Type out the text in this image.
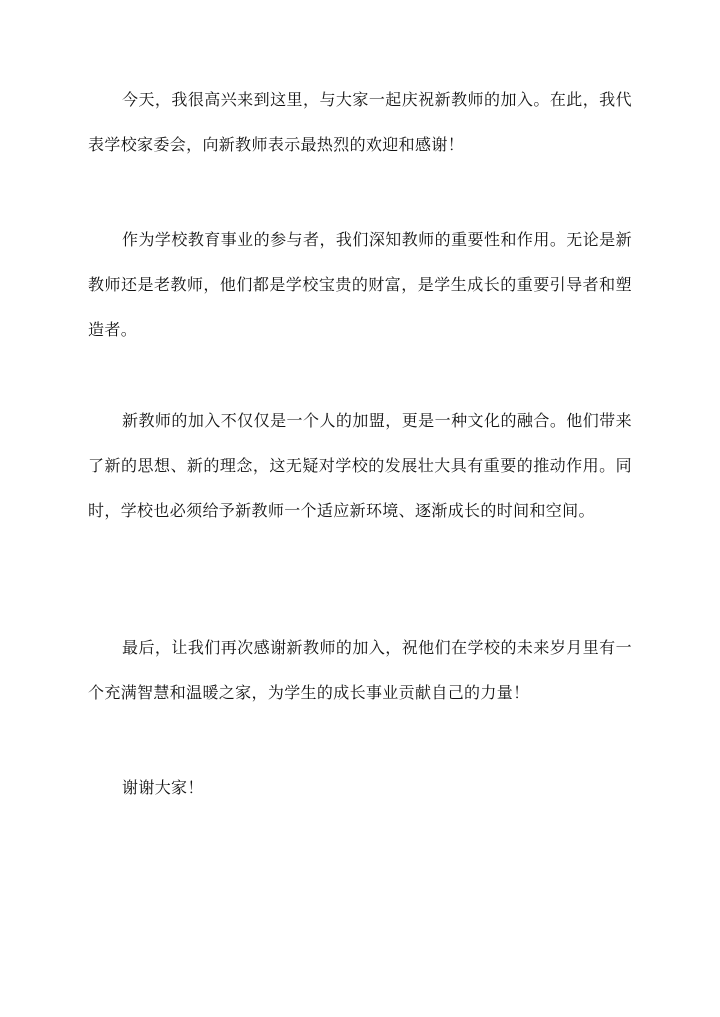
今天，我很高兴来到这里，与大家一起庆祝新教师的加入。在此，我代表学校家委会，向新教师表示最热烈的欢迎和感谢！

作为学校教育事业的参与者，我们深知教师的重要性和作用。无论是新教师还是老教师，他们都是学校宝贵的财富，是学生成长的重要引导者和塑造者。

新教师的加入不仅仅是一个人的加盟，更是一种文化的融合。他们带来了新的思想、新的理念，这无疑对学校的发展壮大具有重要的推动作用。同时，学校也必须给予新教师一个适应新环境、逐渐成长的时间和空间。

最后，让我们再次感谢新教师的加入，祝他们在学校的未来岁月里有一个充满智慧和温暖之家，为学生的成长事业贡献自己的力量！

谢谢大家！
